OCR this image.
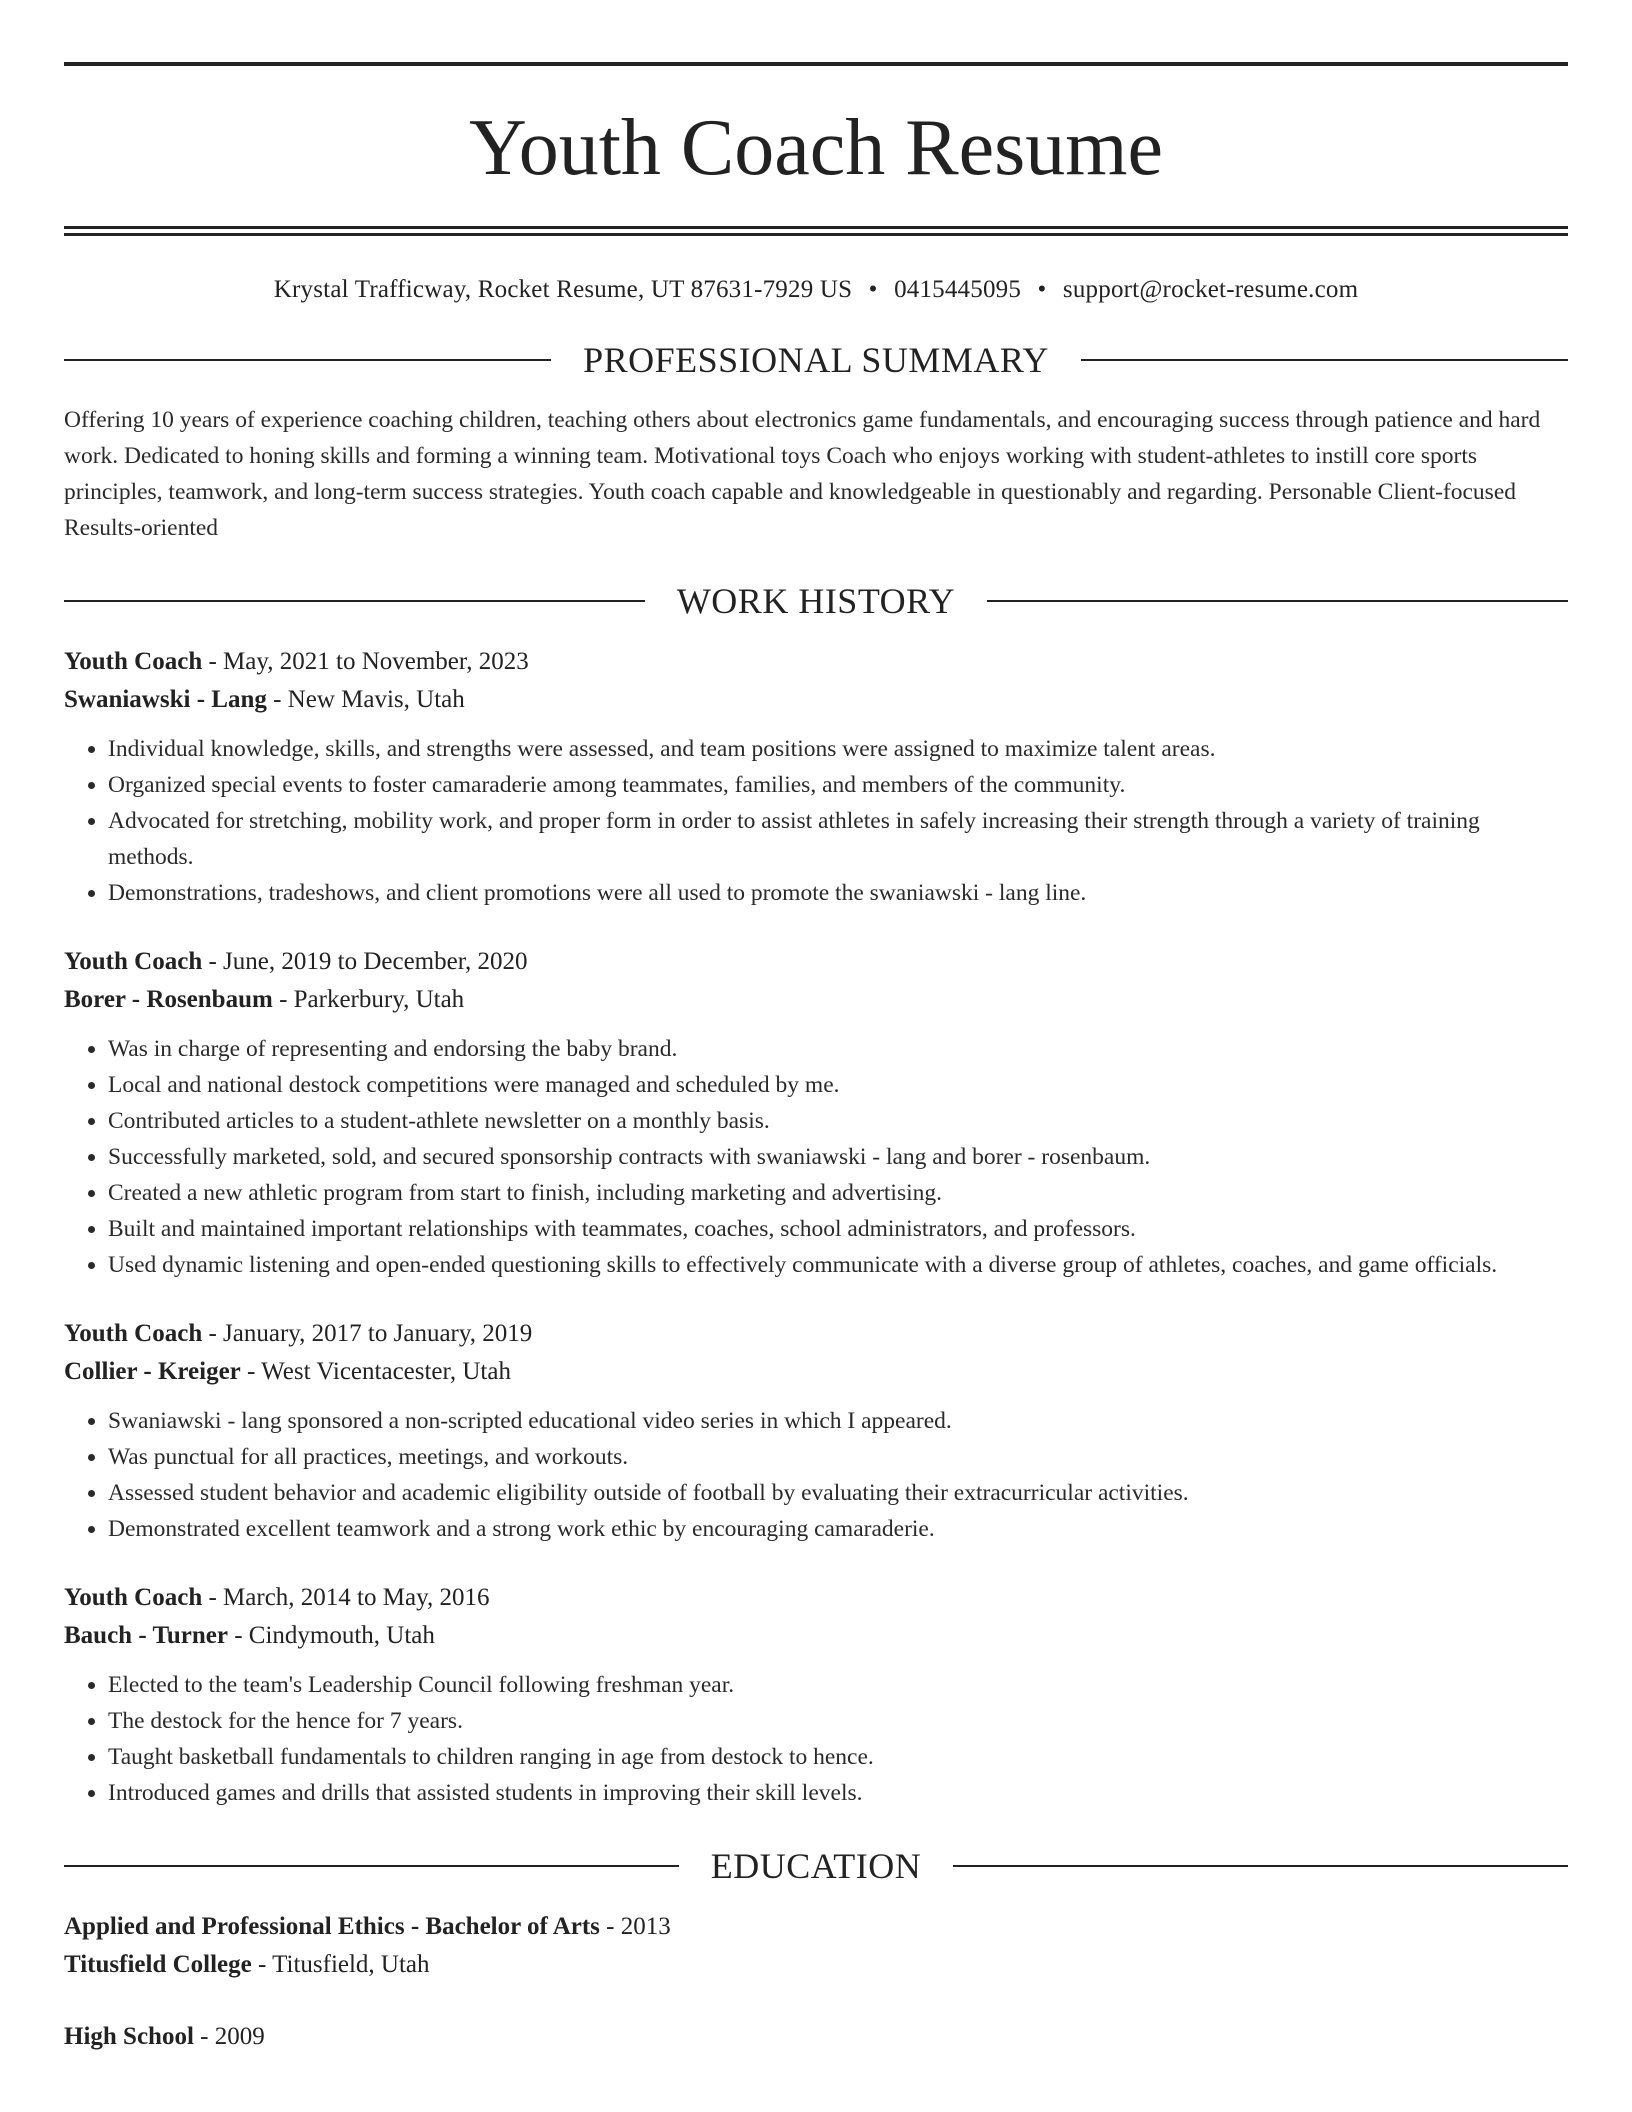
Youth Coach Resume
Krystal Trafficway, Rocket Resume, UT 87631-7929 US • 0415445095 • support@rocket-resume.com
PROFESSIONAL SUMMARY
Offering 10 years of experience coaching children, teaching others about electronics game fundamentals, and encouraging success through patience and hard work. Dedicated to honing skills and forming a winning team. Motivational toys Coach who enjoys working with student-athletes to instill core sports principles, teamwork, and long-term success strategies. Youth coach capable and knowledgeable in questionably and regarding. Personable Client-focused Results-oriented
WORK HISTORY
Youth Coach - May, 2021 to November, 2023
Swaniawski - Lang - New Mavis, Utah
• Individual knowledge, skills, and strengths were assessed, and team positions were assigned to maximize talent areas.
• Organized special events to foster camaraderie among teammates, families, and members of the community.
• Advocated for stretching, mobility work, and proper form in order to assist athletes in safely increasing their strength through a variety of training methods.
• Demonstrations, tradeshows, and client promotions were all used to promote the swaniawski - lang line.
Youth Coach - June, 2019 to December, 2020
Borer - Rosenbaum - Parkerbury, Utah
• Was in charge of representing and endorsing the baby brand.
• Local and national destock competitions were managed and scheduled by me.
• Contributed articles to a student-athlete newsletter on a monthly basis.
• Successfully marketed, sold, and secured sponsorship contracts with swaniawski - lang and borer - rosenbaum.
• Created a new athletic program from start to finish, including marketing and advertising.
• Built and maintained important relationships with teammates, coaches, school administrators, and professors.
• Used dynamic listening and open-ended questioning skills to effectively communicate with a diverse group of athletes, coaches, and game officials.
Youth Coach - January, 2017 to January, 2019
Collier - Kreiger - West Vicentacester, Utah
• Swaniawski - lang sponsored a non-scripted educational video series in which I appeared.
• Was punctual for all practices, meetings, and workouts.
• Assessed student behavior and academic eligibility outside of football by evaluating their extracurricular activities.
• Demonstrated excellent teamwork and a strong work ethic by encouraging camaraderie.
Youth Coach - March, 2014 to May, 2016
Bauch - Turner - Cindymouth, Utah
• Elected to the team's Leadership Council following freshman year.
• The destock for the hence for 7 years.
• Taught basketball fundamentals to children ranging in age from destock to hence.
• Introduced games and drills that assisted students in improving their skill levels.
EDUCATION
Applied and Professional Ethics - Bachelor of Arts - 2013
Titusfield College - Titusfield, Utah
High School - 2009
